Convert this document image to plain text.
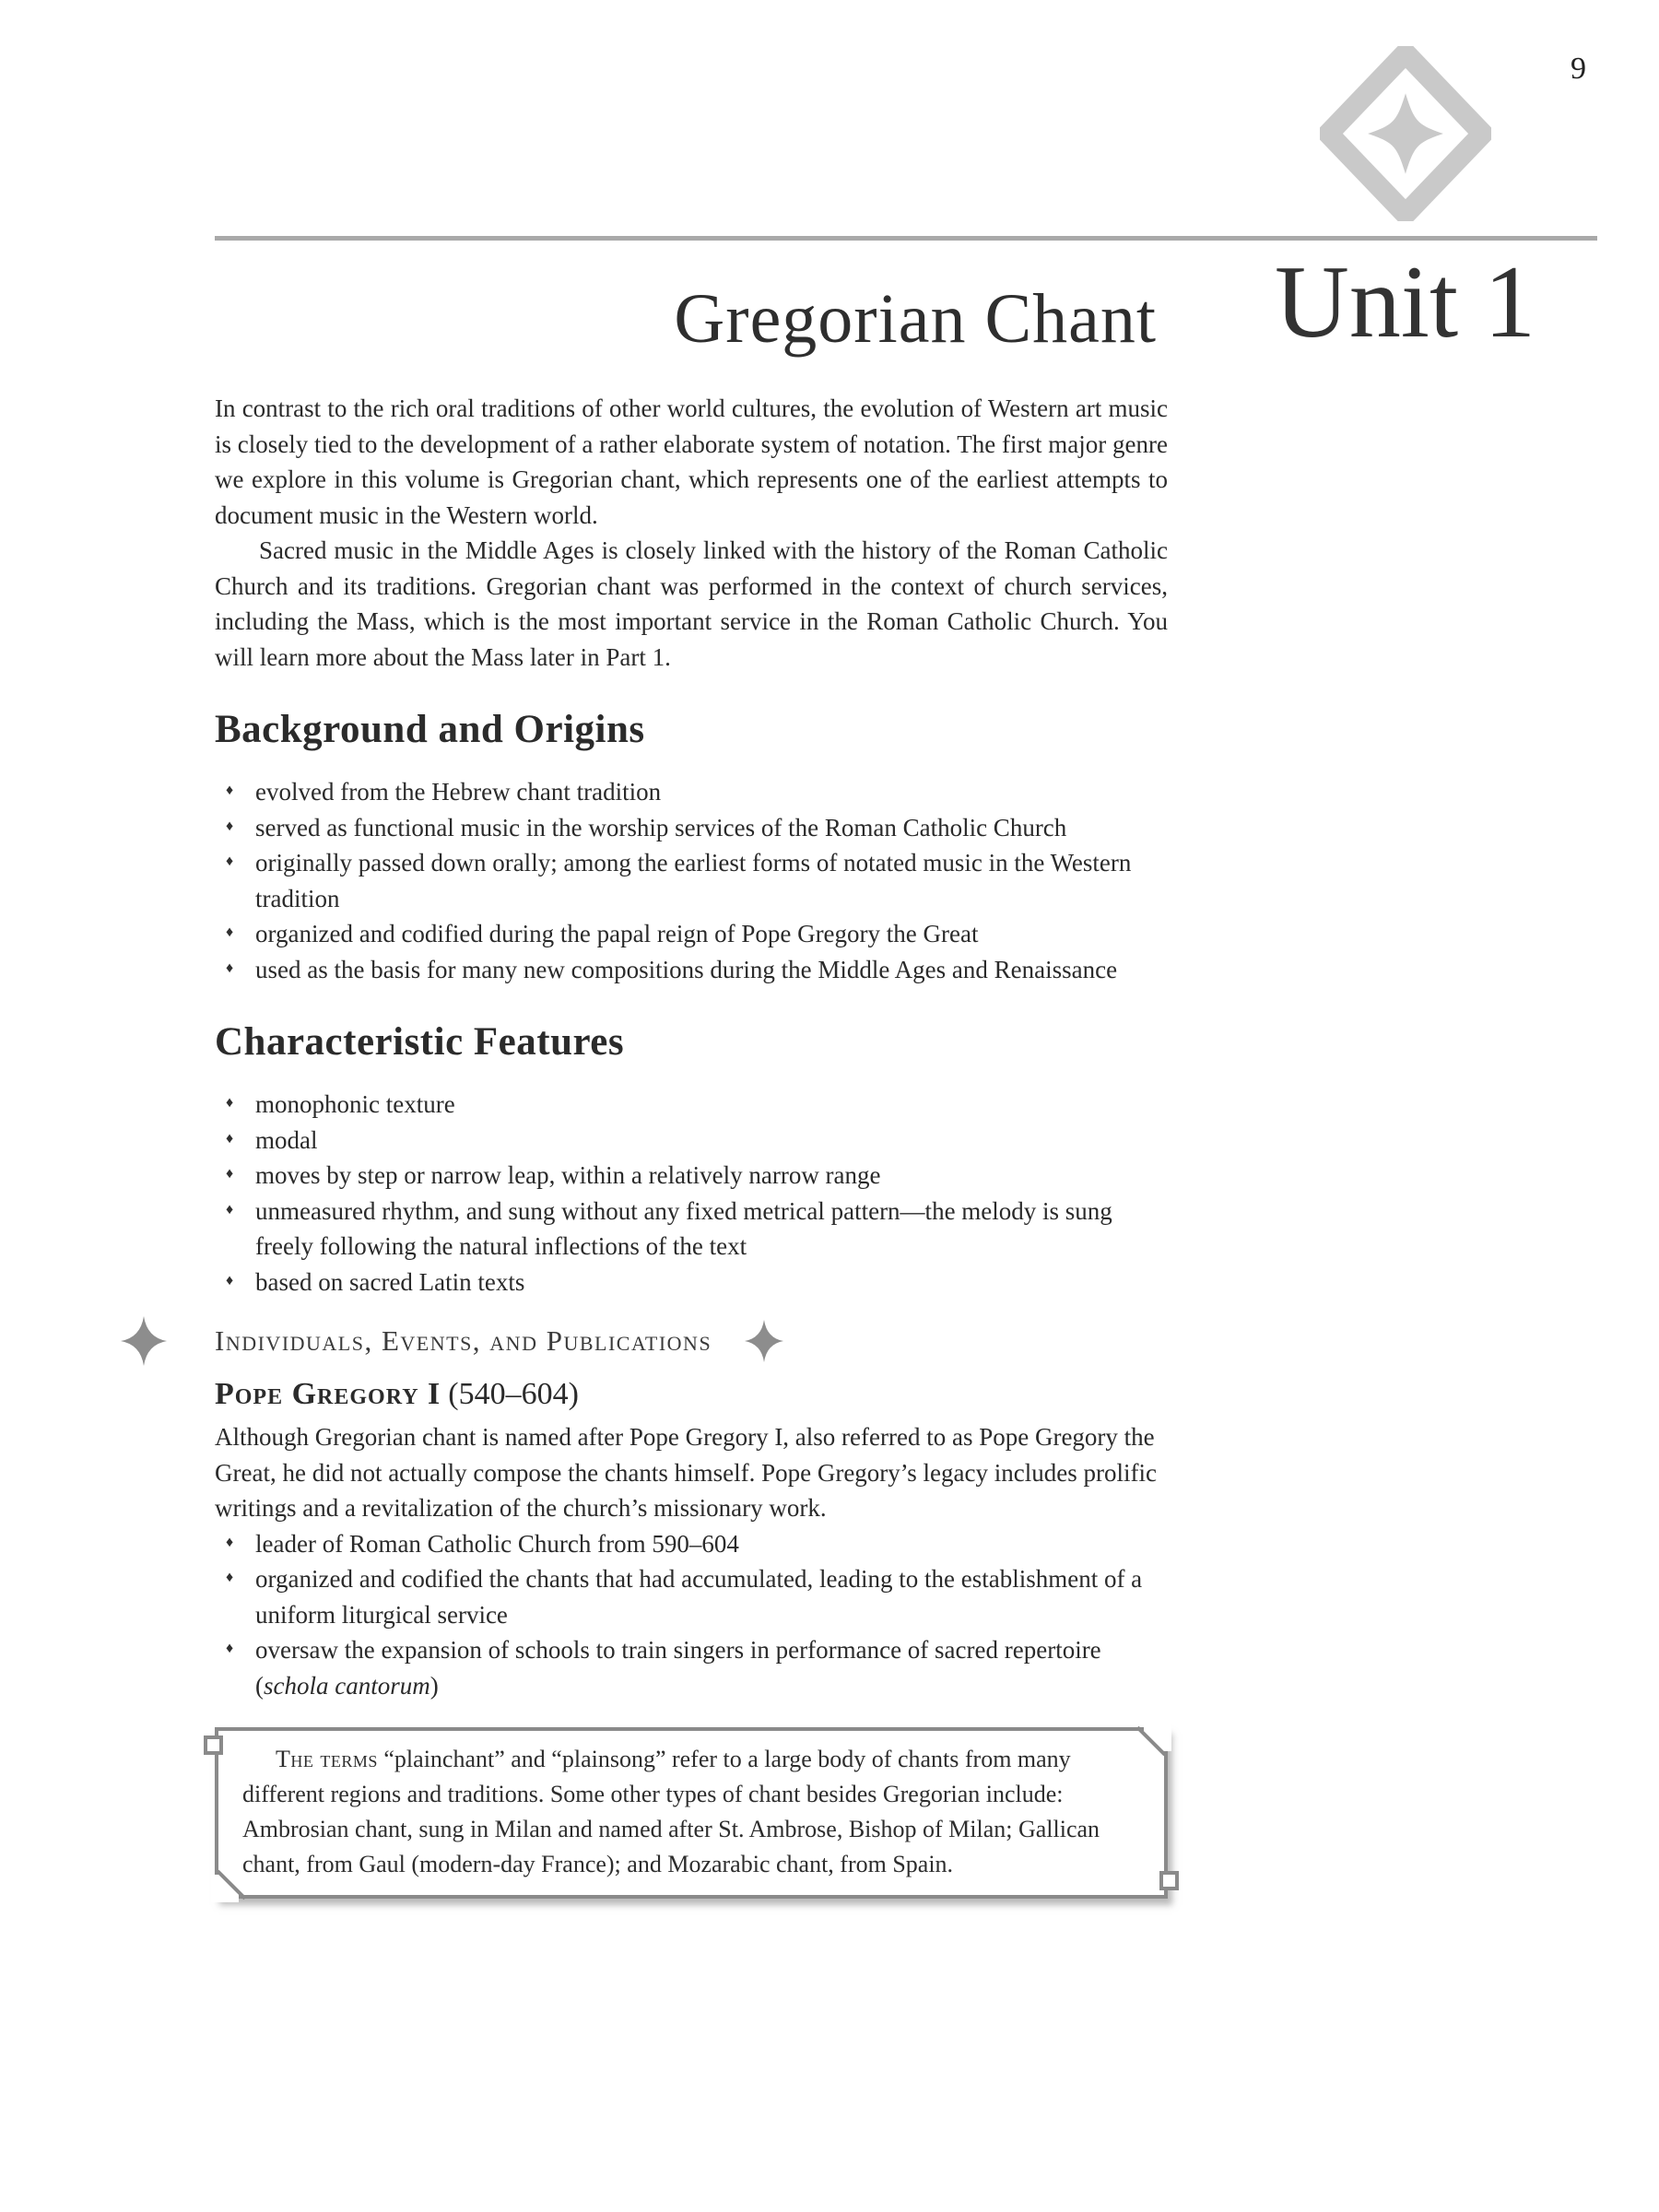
9
Gregorian Chant Unit 1

In contrast to the rich oral traditions of other world cultures, the evolution of Western art music is closely tied to the development of a rather elaborate system of notation. The first major genre we explore in this volume is Gregorian chant, which represents one of the earliest attempts to document music in the Western world.

Sacred music in the Middle Ages is closely linked with the history of the Roman Catholic Church and its traditions. Gregorian chant was performed in the context of church services, including the Mass, which is the most important service in the Roman Catholic Church. You will learn more about the Mass later in Part 1.

Background and Origins
♦ evolved from the Hebrew chant tradition
♦ served as functional music in the worship services of the Roman Catholic Church
♦ originally passed down orally; among the earliest forms of notated music in the Western tradition
♦ organized and codified during the papal reign of Pope Gregory the Great
♦ used as the basis for many new compositions during the Middle Ages and Renaissance
Characteristic Features
♦ monophonic texture
♦ modal
♦ moves by step or narrow leap, within a relatively narrow range
♦ unmeasured rhythm, and sung without any fixed metrical pattern—the melody is sung freely following the natural inflections of the text
♦ based on sacred Latin texts
Individuals, Events, and Publications
Pope Gregory I (540–604)

Although Gregorian chant is named after Pope Gregory I, also referred to as Pope Gregory the Great, he did not actually compose the chants himself. Pope Gregory’s legacy includes prolific writings and a revitalization of the church’s missionary work.

♦ leader of Roman Catholic Church from 590–604
♦ organized and codified the chants that had accumulated, leading to the establishment of a uniform liturgical service
♦ oversaw the expansion of schools to train singers in performance of sacred repertoire (schola cantorum)

The terms “plainchant” and “plainsong” refer to a large body of chants from many different regions and traditions. Some other types of chant besides Gregorian include: Ambrosian chant, sung in Milan and named after St. Ambrose, Bishop of Milan; Gallican chant, from Gaul (modern-day France); and Mozarabic chant, from Spain.
